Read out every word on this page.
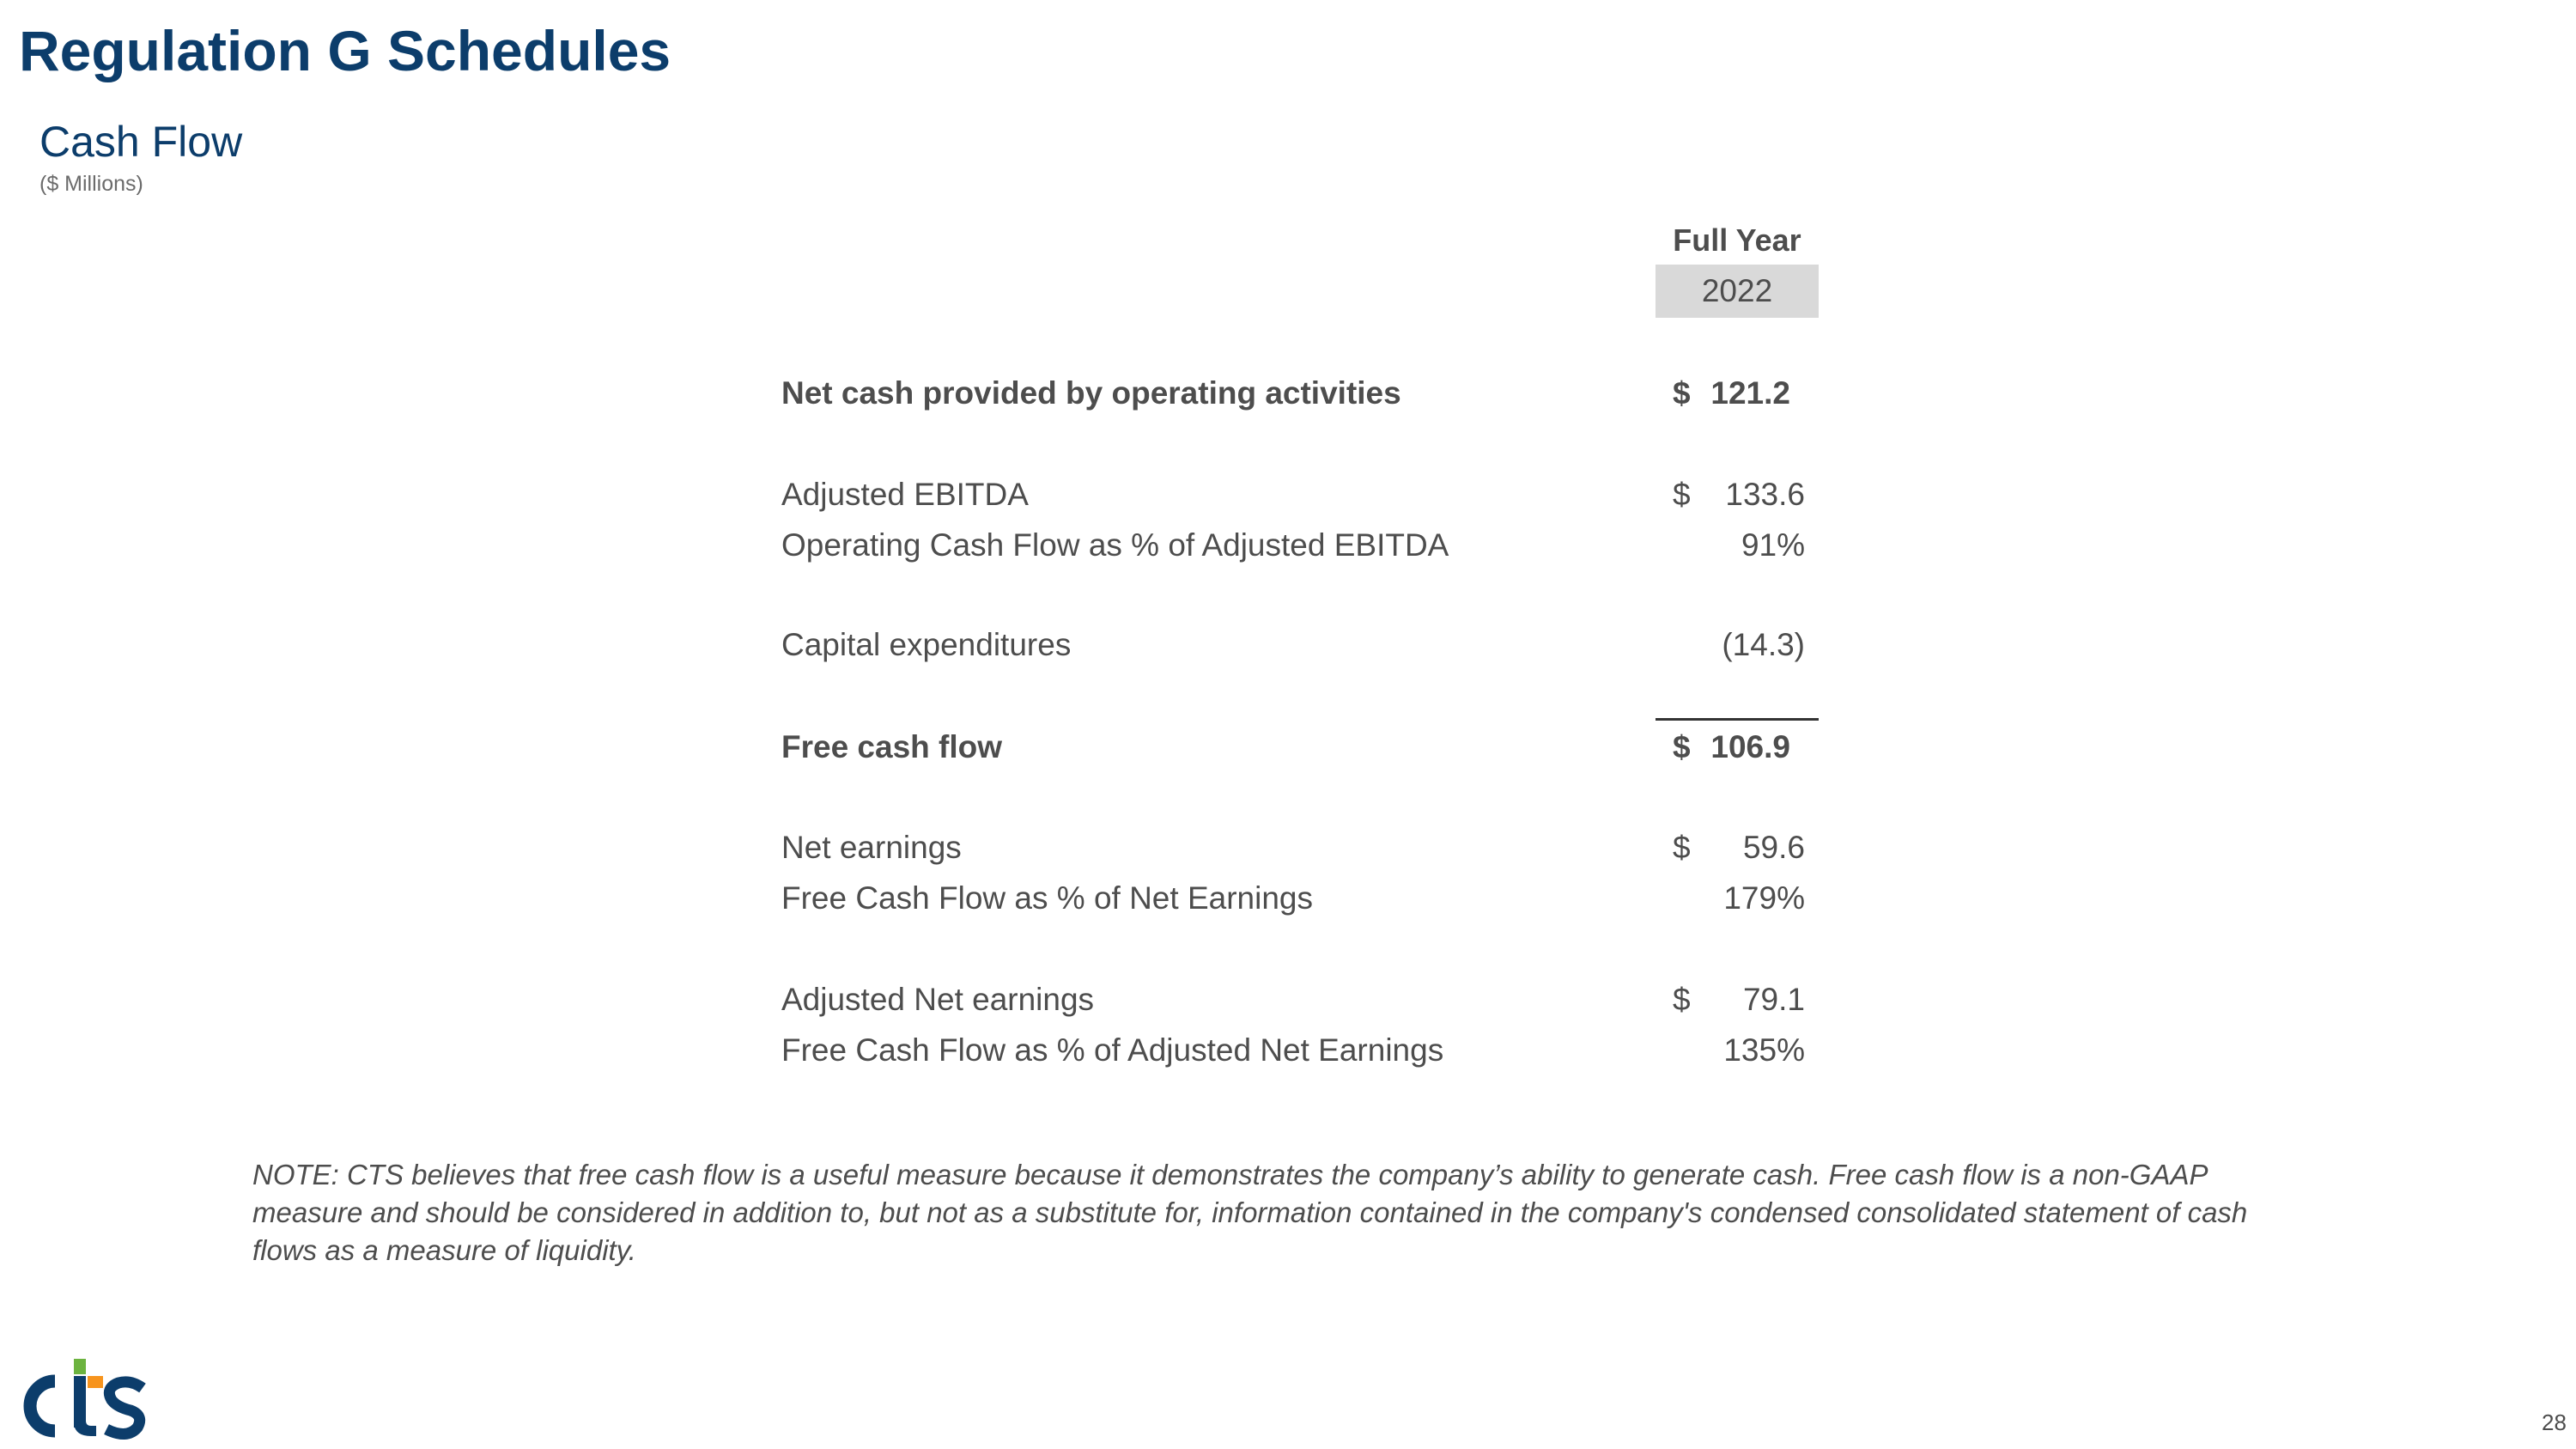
Regulation G Schedules
Cash Flow
($ Millions)
Full Year
2022
Net cash provided by operating activities	$ 121.2
Adjusted EBITDA	$	133.6
Operating Cash Flow as % of Adjusted EBITDA	91%
Capital expenditures	(14.3)
Free cash flow	$ 106.9
Net earnings	$	59.6
Free Cash Flow as % of Net Earnings	179%
Adjusted Net earnings	$	79.1
Free Cash Flow as % of Adjusted Net Earnings	135%
NOTE: CTS believes that free cash flow is a useful measure because it demonstrates the company’s ability to generate cash. Free cash flow is a non-GAAP measure and should be considered in addition to, but not as a substitute for, information contained in the company's condensed consolidated statement of cash flows as a measure of liquidity.
28
